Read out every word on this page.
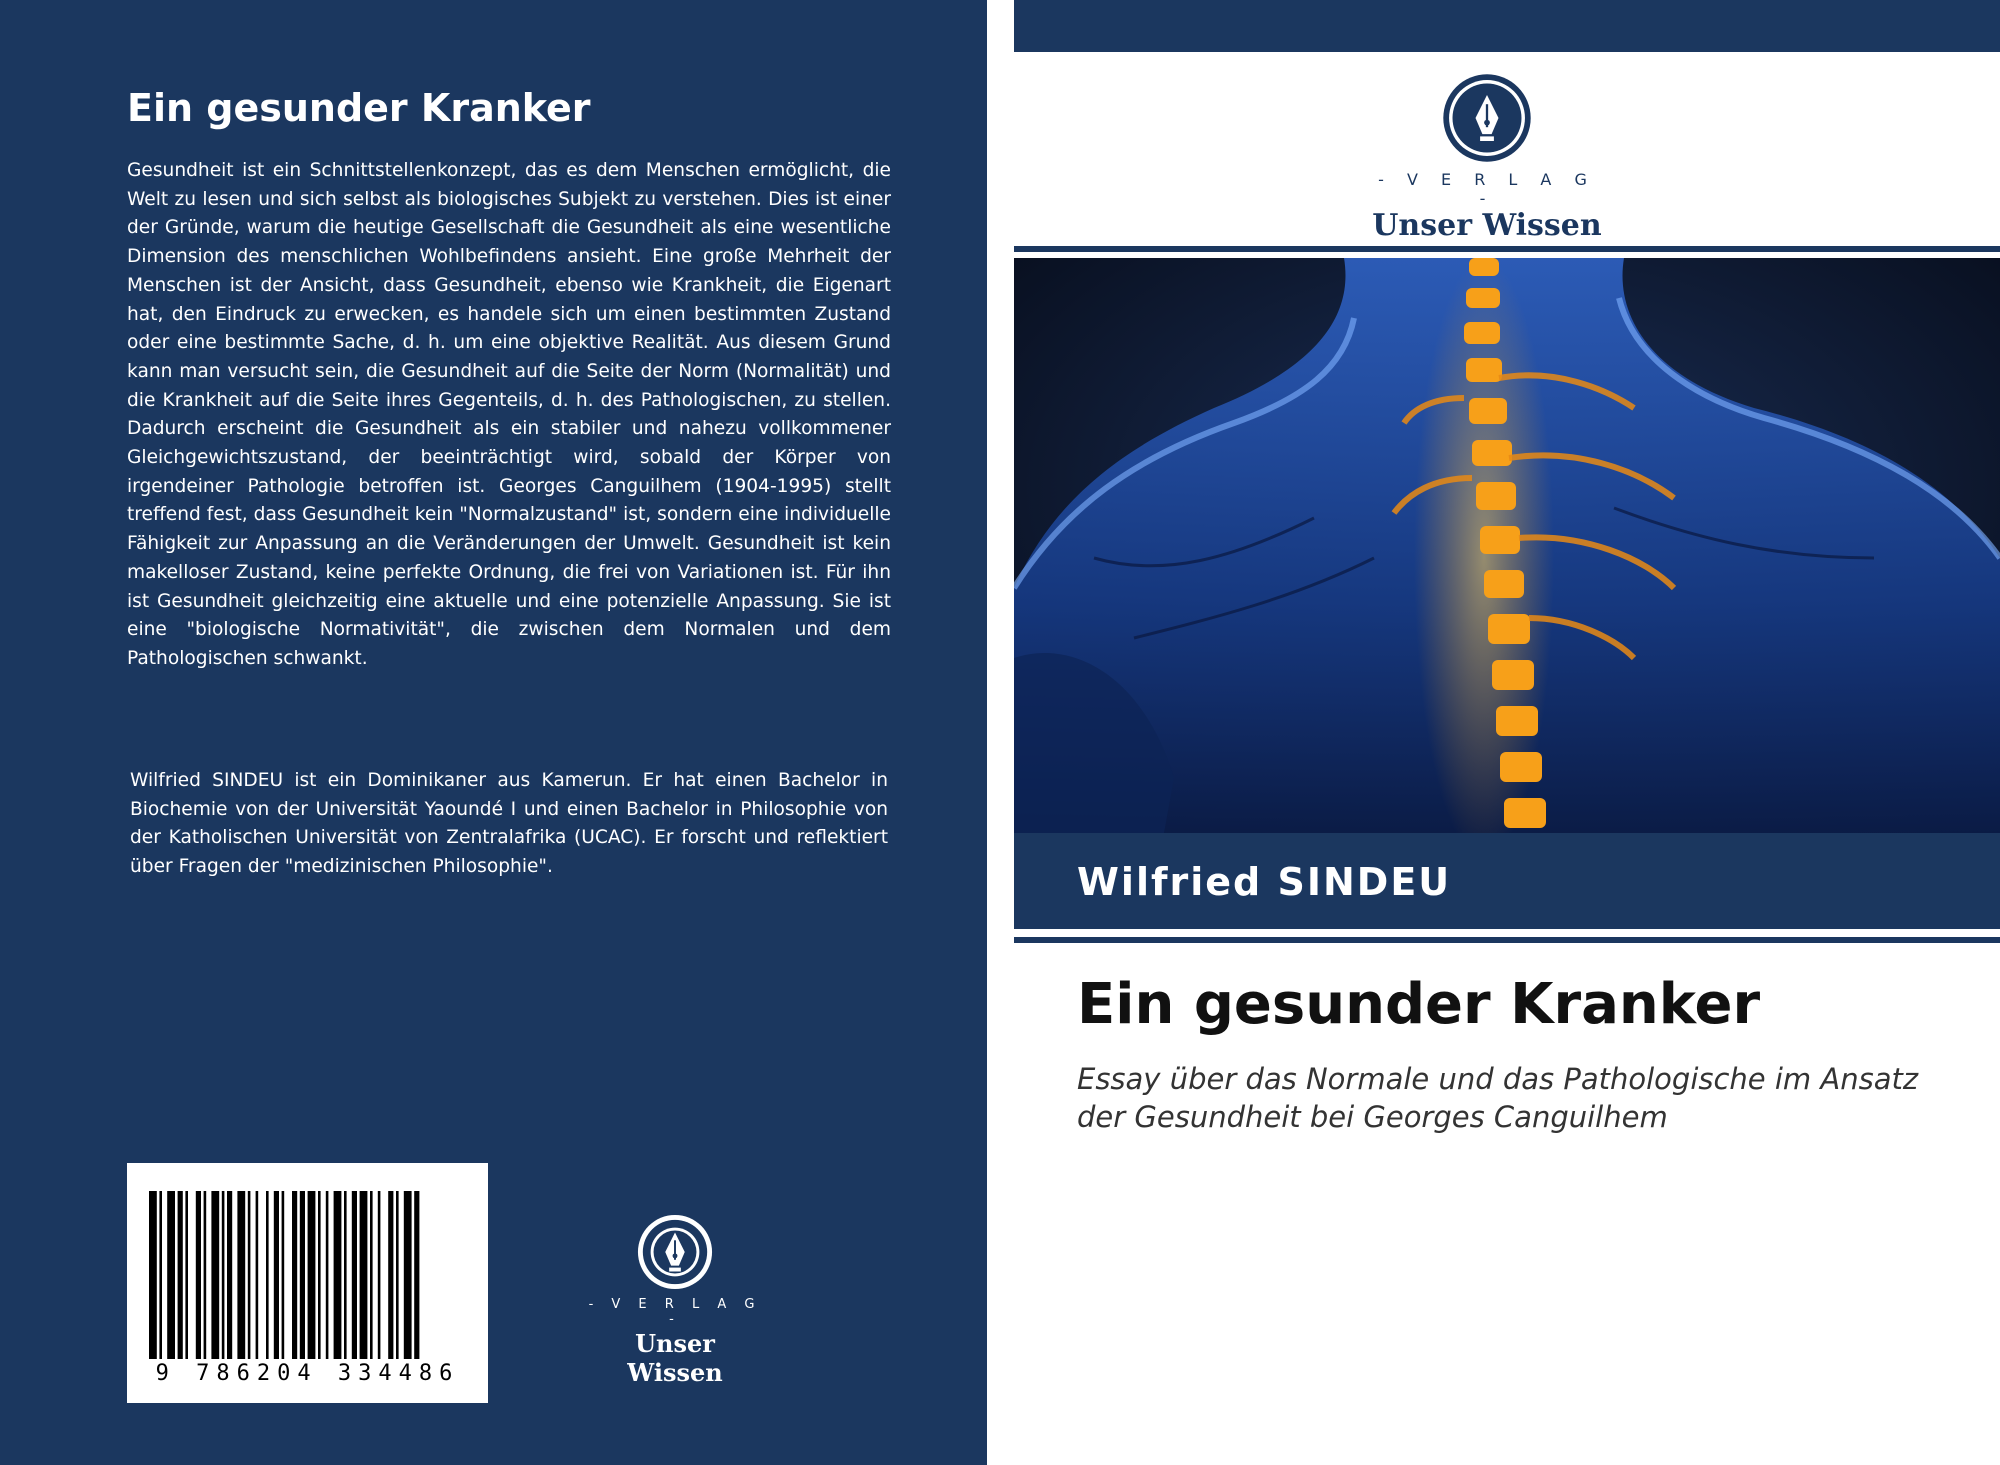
Ein gesunder Kranker

Gesundheit ist ein Schnittstellenkonzept, das es dem Menschen ermöglicht, die Welt zu lesen und sich selbst als biologisches Subjekt zu verstehen. Dies ist einer der Gründe, warum die heutige Gesellschaft die Gesundheit als eine wesentliche Dimension des menschlichen Wohlbefindens ansieht. Eine große Mehrheit der Menschen ist der Ansicht, dass Gesundheit, ebenso wie Krankheit, die Eigenart hat, den Eindruck zu erwecken, es handele sich um einen bestimmten Zustand oder eine bestimmte Sache, d. h. um eine objektive Realität. Aus diesem Grund kann man versucht sein, die Gesundheit auf die Seite der Norm (Normalität) und die Krankheit auf die Seite ihres Gegenteils, d. h. des Pathologischen, zu stellen. Dadurch erscheint die Gesundheit als ein stabiler und nahezu vollkommener Gleichgewichtszustand, der beeinträchtigt wird, sobald der Körper von irgendeiner Pathologie betroffen ist. Georges Canguilhem (1904-1995) stellt treffend fest, dass Gesundheit kein "Normalzustand" ist, sondern eine individuelle Fähigkeit zur Anpassung an die Veränderungen der Umwelt. Gesundheit ist kein makelloser Zustand, keine perfekte Ordnung, die frei von Variationen ist. Für ihn ist Gesundheit gleichzeitig eine aktuelle und eine potenzielle Anpassung. Sie ist eine "biologische Normativität", die zwischen dem Normalen und dem Pathologischen schwankt.

Wilfried SINDEU ist ein Dominikaner aus Kamerun. Er hat einen Bachelor in Biochemie von der Universität Yaoundé I und einen Bachelor in Philosophie von der Katholischen Universität von Zentralafrika (UCAC). Er forscht und reflektiert über Fragen der "medizinischen Philosophie".

9 786204 334486
- V E R L A G -
Unser Wissen
- V E R L A G -
Unser Wissen
Wilfried SINDEU
Ein gesunder Kranker

Essay über das Normale und das Pathologische im Ansatz der Gesundheit bei Georges Canguilhem
